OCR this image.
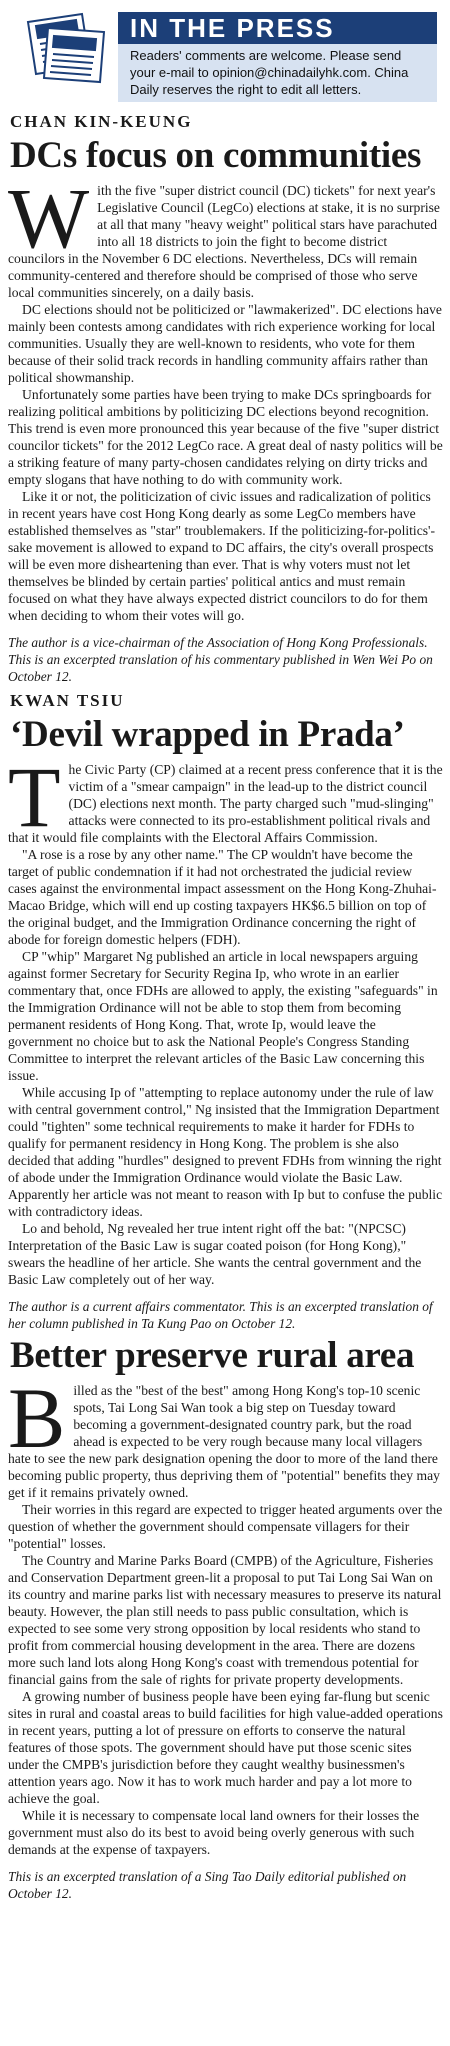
IN THE PRESS
Readers' comments are welcome. Please send your e-mail to opinion@chinadailyhk.com. China Daily reserves the right to edit all letters.
CHAN KIN-KEUNG
DCs focus on communities

With the five "super district council (DC) tickets" for next year's Legislative Council (LegCo) elections at stake, it is no surprise at all that many "heavy weight" political stars have parachuted into all 18 districts to join the fight to become district councilors in the November 6 DC elections. Nevertheless, DCs will remain community-centered and therefore should be comprised of those who serve local communities sincerely, on a daily basis.

DC elections should not be politicized or "lawmakerized". DC elections have mainly been contests among candidates with rich experience working for local communities. Usually they are well-known to residents, who vote for them because of their solid track records in handling community affairs rather than political showmanship.

Unfortunately some parties have been trying to make DCs springboards for realizing political ambitions by politicizing DC elections beyond recognition. This trend is even more pronounced this year because of the five "super district councilor tickets" for the 2012 LegCo race. A great deal of nasty politics will be a striking feature of many party-chosen candidates relying on dirty tricks and empty slogans that have nothing to do with community work.

Like it or not, the politicization of civic issues and radicalization of politics in recent years have cost Hong Kong dearly as some LegCo members have established themselves as "star" troublemakers. If the politicizing-for-politics'-sake movement is allowed to expand to DC affairs, the city's overall prospects will be even more disheartening than ever. That is why voters must not let themselves be blinded by certain parties' political antics and must remain focused on what they have always expected district councilors to do for them when deciding to whom their votes will go.

The author is a vice-chairman of the Association of Hong Kong Professionals. This is an excerpted translation of his commentary published in Wen Wei Po on October 12.
KWAN TSIU
‘Devil wrapped in Prada’

The Civic Party (CP) claimed at a recent press conference that it is the victim of a "smear campaign" in the lead-up to the district council (DC) elections next month. The party charged such "mud-slinging" attacks were connected to its pro-establishment political rivals and that it would file complaints with the Electoral Affairs Commission.

"A rose is a rose by any other name." The CP wouldn't have become the target of public condemnation if it had not orchestrated the judicial review cases against the environmental impact assessment on the Hong Kong-Zhuhai-Macao Bridge, which will end up costing taxpayers HK$6.5 billion on top of the original budget, and the Immigration Ordinance concerning the right of abode for foreign domestic helpers (FDH).

CP "whip" Margaret Ng published an article in local newspapers arguing against former Secretary for Security Regina Ip, who wrote in an earlier commentary that, once FDHs are allowed to apply, the existing "safeguards" in the Immigration Ordinance will not be able to stop them from becoming permanent residents of Hong Kong. That, wrote Ip, would leave the government no choice but to ask the National People's Congress Standing Committee to interpret the relevant articles of the Basic Law concerning this issue.

While accusing Ip of "attempting to replace autonomy under the rule of law with central government control," Ng insisted that the Immigration Department could "tighten" some technical requirements to make it harder for FDHs to qualify for permanent residency in Hong Kong. The problem is she also decided that adding "hurdles" designed to prevent FDHs from winning the right of abode under the Immigration Ordinance would violate the Basic Law. Apparently her article was not meant to reason with Ip but to confuse the public with contradictory ideas.

Lo and behold, Ng revealed her true intent right off the bat: "(NPCSC) Interpretation of the Basic Law is sugar coated poison (for Hong Kong)," swears the headline of her article. She wants the central government and the Basic Law completely out of her way.

The author is a current affairs commentator. This is an excerpted translation of her column published in Ta Kung Pao on October 12.
Better preserve rural area

Billed as the "best of the best" among Hong Kong's top-10 scenic spots, Tai Long Sai Wan took a big step on Tuesday toward becoming a government-designated country park, but the road ahead is expected to be very rough because many local villagers hate to see the new park designation opening the door to more of the land there becoming public property, thus depriving them of "potential" benefits they may get if it remains privately owned.

Their worries in this regard are expected to trigger heated arguments over the question of whether the government should compensate villagers for their "potential" losses.

The Country and Marine Parks Board (CMPB) of the Agriculture, Fisheries and Conservation Department green-lit a proposal to put Tai Long Sai Wan on its country and marine parks list with necessary measures to preserve its natural beauty. However, the plan still needs to pass public consultation, which is expected to see some very strong opposition by local residents who stand to profit from commercial housing development in the area. There are dozens more such land lots along Hong Kong's coast with tremendous potential for financial gains from the sale of rights for private property developments.

A growing number of business people have been eying far-flung but scenic sites in rural and coastal areas to build facilities for high value-added operations in recent years, putting a lot of pressure on efforts to conserve the natural features of those spots. The government should have put those scenic sites under the CMPB's jurisdiction before they caught wealthy businessmen's attention years ago. Now it has to work much harder and pay a lot more to achieve the goal.

While it is necessary to compensate local land owners for their losses the government must also do its best to avoid being overly generous with such demands at the expense of taxpayers.

This is an excerpted translation of a Sing Tao Daily editorial published on October 12.
